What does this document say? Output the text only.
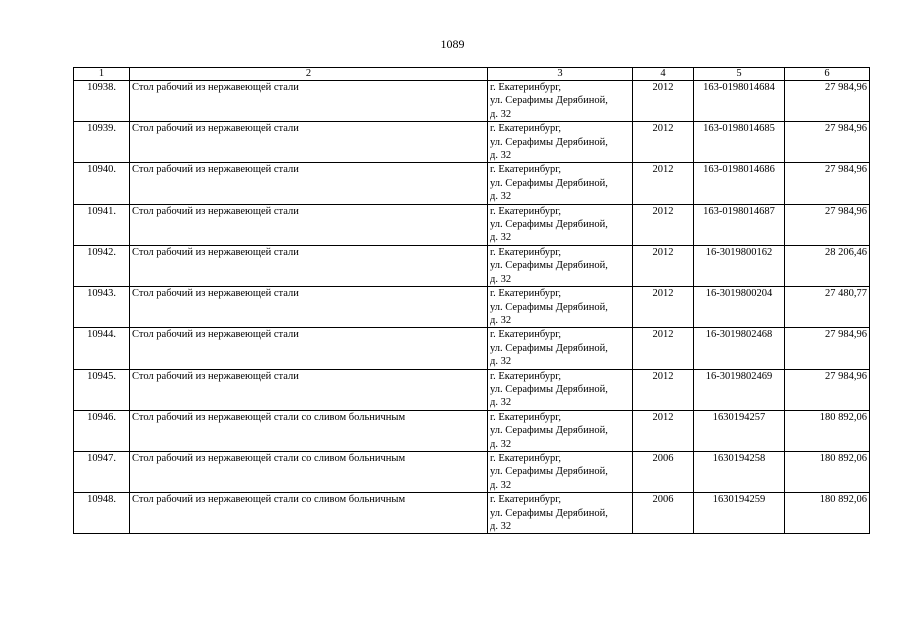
1089
1	2	3	4	5	6
10938.	Стол рабочий из нержавеющей стали	г. Екатеринбург,
ул. Серафимы Дерябиной,
д. 32	2012	163-0198014684	27 984,96
10939.	Стол рабочий из нержавеющей стали	г. Екатеринбург,
ул. Серафимы Дерябиной,
д. 32	2012	163-0198014685	27 984,96
10940.	Стол рабочий из нержавеющей стали	г. Екатеринбург,
ул. Серафимы Дерябиной,
д. 32	2012	163-0198014686	27 984,96
10941.	Стол рабочий из нержавеющей стали	г. Екатеринбург,
ул. Серафимы Дерябиной,
д. 32	2012	163-0198014687	27 984,96
10942.	Стол рабочий из нержавеющей стали	г. Екатеринбург,
ул. Серафимы Дерябиной,
д. 32	2012	16-3019800162	28 206,46
10943.	Стол рабочий из нержавеющей стали	г. Екатеринбург,
ул. Серафимы Дерябиной,
д. 32	2012	16-3019800204	27 480,77
10944.	Стол рабочий из нержавеющей стали	г. Екатеринбург,
ул. Серафимы Дерябиной,
д. 32	2012	16-3019802468	27 984,96
10945.	Стол рабочий из нержавеющей стали	г. Екатеринбург,
ул. Серафимы Дерябиной,
д. 32	2012	16-3019802469	27 984,96
10946.	Стол рабочий из нержавеющей стали со сливом больничным	г. Екатеринбург,
ул. Серафимы Дерябиной,
д. 32	2012	1630194257	180 892,06
10947.	Стол рабочий из нержавеющей стали со сливом больничным	г. Екатеринбург,
ул. Серафимы Дерябиной,
д. 32	2006	1630194258	180 892,06
10948.	Стол рабочий из нержавеющей стали со сливом больничным	г. Екатеринбург,
ул. Серафимы Дерябиной,
д. 32	2006	1630194259	180 892,06
